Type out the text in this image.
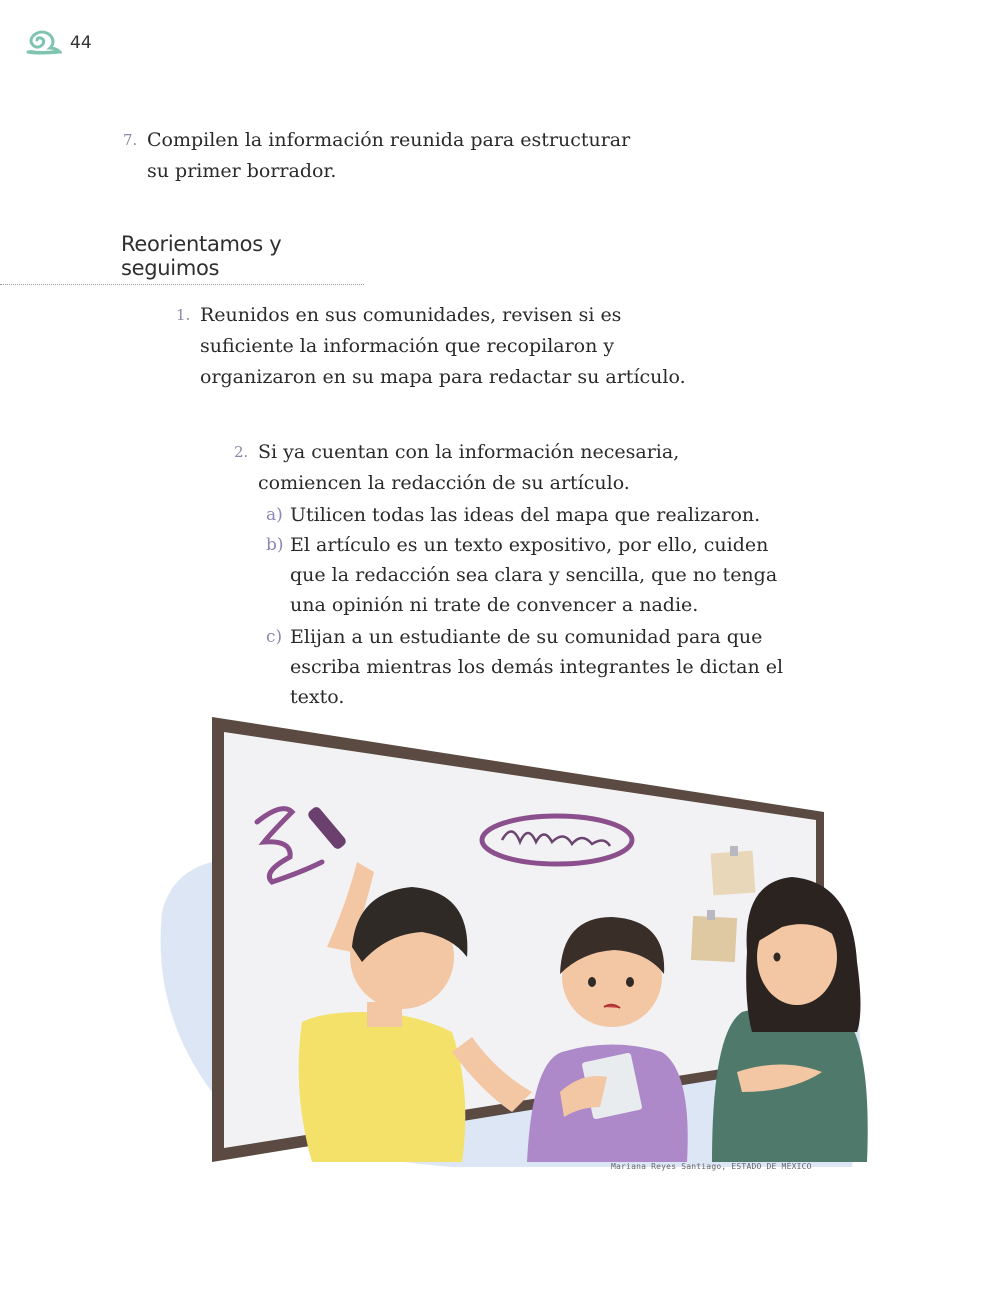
44
7. Compilen la información reunida para estructurar su primer borrador.
Reorientamos y seguimos
1. Reunidos en sus comunidades, revisen si es suficiente la información que recopilaron y organizaron en su mapa para redactar su artículo.
2. Si ya cuentan con la información necesaria, comiencen la redacción de su artículo.
a) Utilicen todas las ideas del mapa que realizaron.
b) El artículo es un texto expositivo, por ello, cuiden que la redacción sea clara y sencilla, que no tenga una opinión ni trate de convencer a nadie.
c) Elijan a un estudiante de su comunidad para que escriba mientras los demás integrantes le dictan el texto.
Mariana Reyes Santiago, ESTADO DE MÉXICO
